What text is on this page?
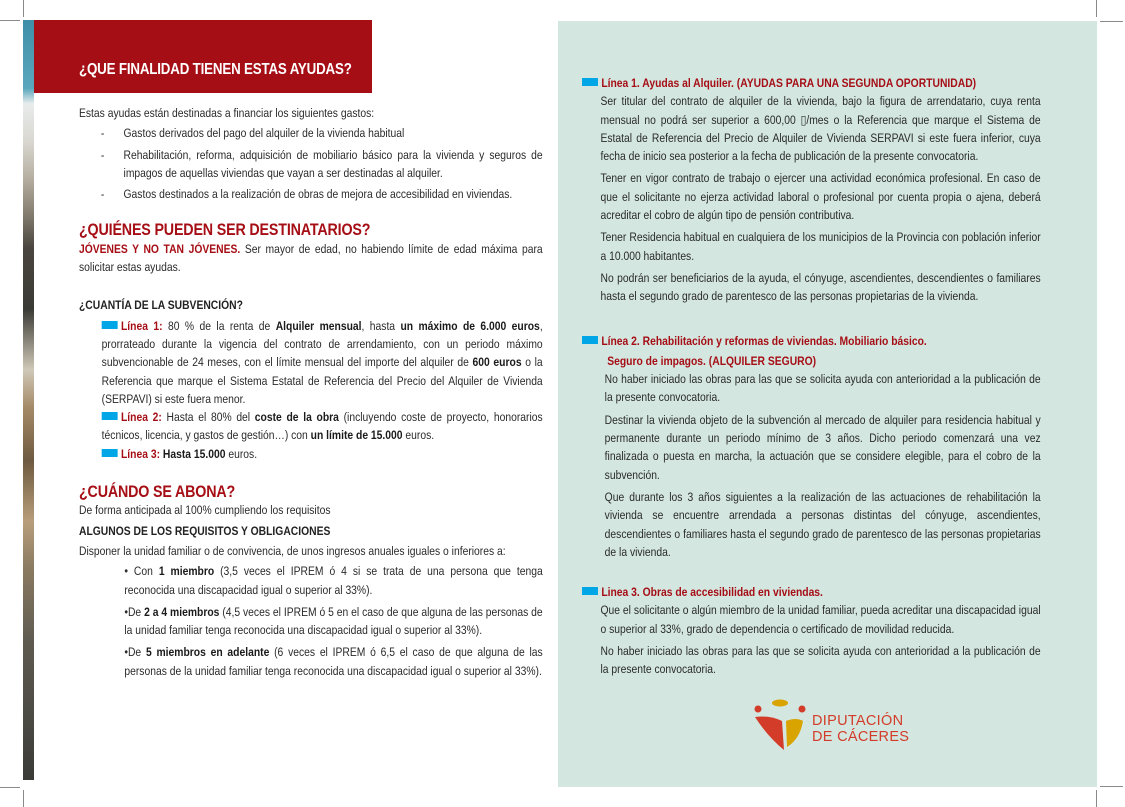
¿QUE FINALIDAD TIENEN ESTAS AYUDAS?

Estas ayudas están destinadas a financiar los siguientes gastos:

- Gastos derivados del pago del alquiler de la vivienda habitual
- Rehabilitación, reforma, adquisición de mobiliario básico para la vivienda y seguros de impagos de aquellas viviendas que vayan a ser destinadas al alquiler.
- Gastos destinados a la realización de obras de mejora de accesibilidad en viviendas.
¿QUIÉNES PUEDEN SER DESTINATARIOS?

JÓVENES Y NO TAN JÓVENES. Ser mayor de edad, no habiendo límite de edad máxima para solicitar estas ayudas.

¿CUANTÍA DE LA SUBVENCIÓN?

Línea 1: 80 % de la renta de Alquiler mensual, hasta un máximo de 6.000 euros, prorrateado durante la vigencia del contrato de arrendamiento, con un periodo máximo subvencionable de 24 meses, con el límite mensual del importe del alquiler de 600 euros o la Referencia que marque el Sistema Estatal de Referencia del Precio del Alquiler de Vivienda (SERPAVI) si este fuera menor.

Línea 2: Hasta el 80% del coste de la obra (incluyendo coste de proyecto, honorarios técnicos, licencia, y gastos de gestión…) con un límite de 15.000 euros.

Línea 3: Hasta 15.000 euros.

¿CUÁNDO SE ABONA?

De forma anticipada al 100% cumpliendo los requisitos

ALGUNOS DE LOS REQUISITOS Y OBLIGACIONES

Disponer la unidad familiar o de convivencia, de unos ingresos anuales iguales o inferiores a:

• Con 1 miembro (3,5 veces el IPREM ó 4 si se trata de una persona que tenga reconocida una discapacidad igual o superior al 33%).

•De 2 a 4 miembros (4,5 veces el IPREM ó 5 en el caso de que alguna de las personas de la unidad familiar tenga reconocida una discapacidad igual o superior al 33%).

•De 5 miembros en adelante (6 veces el IPREM ó 6,5 el caso de que alguna de las personas de la unidad familiar tenga reconocida una discapacidad igual o superior al 33%).

Línea 1. Ayudas al Alquiler. (AYUDAS PARA UNA SEGUNDA OPORTUNIDAD)

Ser titular del contrato de alquiler de la vivienda, bajo la figura de arrendatario, cuya renta mensual no podrá ser superior a 600,00 ▯/mes o la Referencia que marque el Sistema de Estatal de Referencia del Precio de Alquiler de Vivienda SERPAVI si este fuera inferior, cuya fecha de inicio sea posterior a la fecha de publicación de la presente convocatoria.

Tener en vigor contrato de trabajo o ejercer una actividad económica profesional. En caso de que el solicitante no ejerza actividad laboral o profesional por cuenta propia o ajena, deberá acreditar el cobro de algún tipo de pensión contributiva.

Tener Residencia habitual en cualquiera de los municipios de la Provincia con población inferior a 10.000 habitantes.

No podrán ser beneficiarios de la ayuda, el cónyuge, ascendientes, descendientes o familiares hasta el segundo grado de parentesco de las personas propietarias de la vivienda.

Línea 2. Rehabilitación y reformas de viviendas. Mobiliario básico.
Seguro de impagos. (ALQUILER SEGURO)

No haber iniciado las obras para las que se solicita ayuda con anterioridad a la publicación de la presente convocatoria.

Destinar la vivienda objeto de la subvención al mercado de alquiler para residencia habitual y permanente durante un periodo mínimo de 3 años. Dicho periodo comenzará una vez finalizada o puesta en marcha, la actuación que se considere elegible, para el cobro de la subvención.

Que durante los 3 años siguientes a la realización de las actuaciones de rehabilitación la vivienda se encuentre arrendada a personas distintas del cónyuge, ascendientes, descendientes o familiares hasta el segundo grado de parentesco de las personas propietarias de la vivienda.

Linea 3. Obras de accesibilidad en viviendas.

Que el solicitante o algún miembro de la unidad familiar, pueda acreditar una discapacidad igual o superior al 33%, grado de dependencia o certificado de movilidad reducida.

No haber iniciado las obras para las que se solicita ayuda con anterioridad a la publicación de la presente convocatoria.

DIPUTACIÓN
DE CÁCERES
